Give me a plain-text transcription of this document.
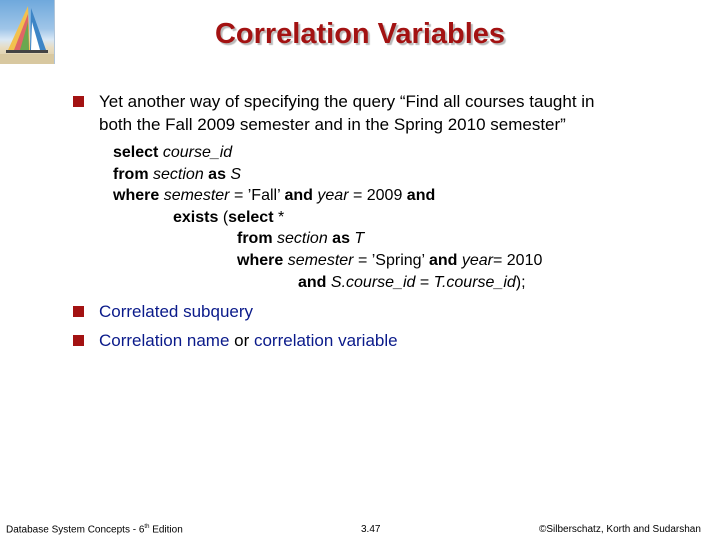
Correlation Variables
Yet another way of specifying the query “Find all courses taught in
both the Fall 2009 semester and in the Spring 2010 semester”
select course_id
from section as S
where semester = ’Fall’ and year = 2009 and
exists (select *
from section as T
where semester = ’Spring’ and year= 2010
and S.course_id = T.course_id);
Correlated subquery
Correlation name or correlation variable
Database System Concepts - 6th Edition	3.47	©Silberschatz, Korth and Sudarshan
